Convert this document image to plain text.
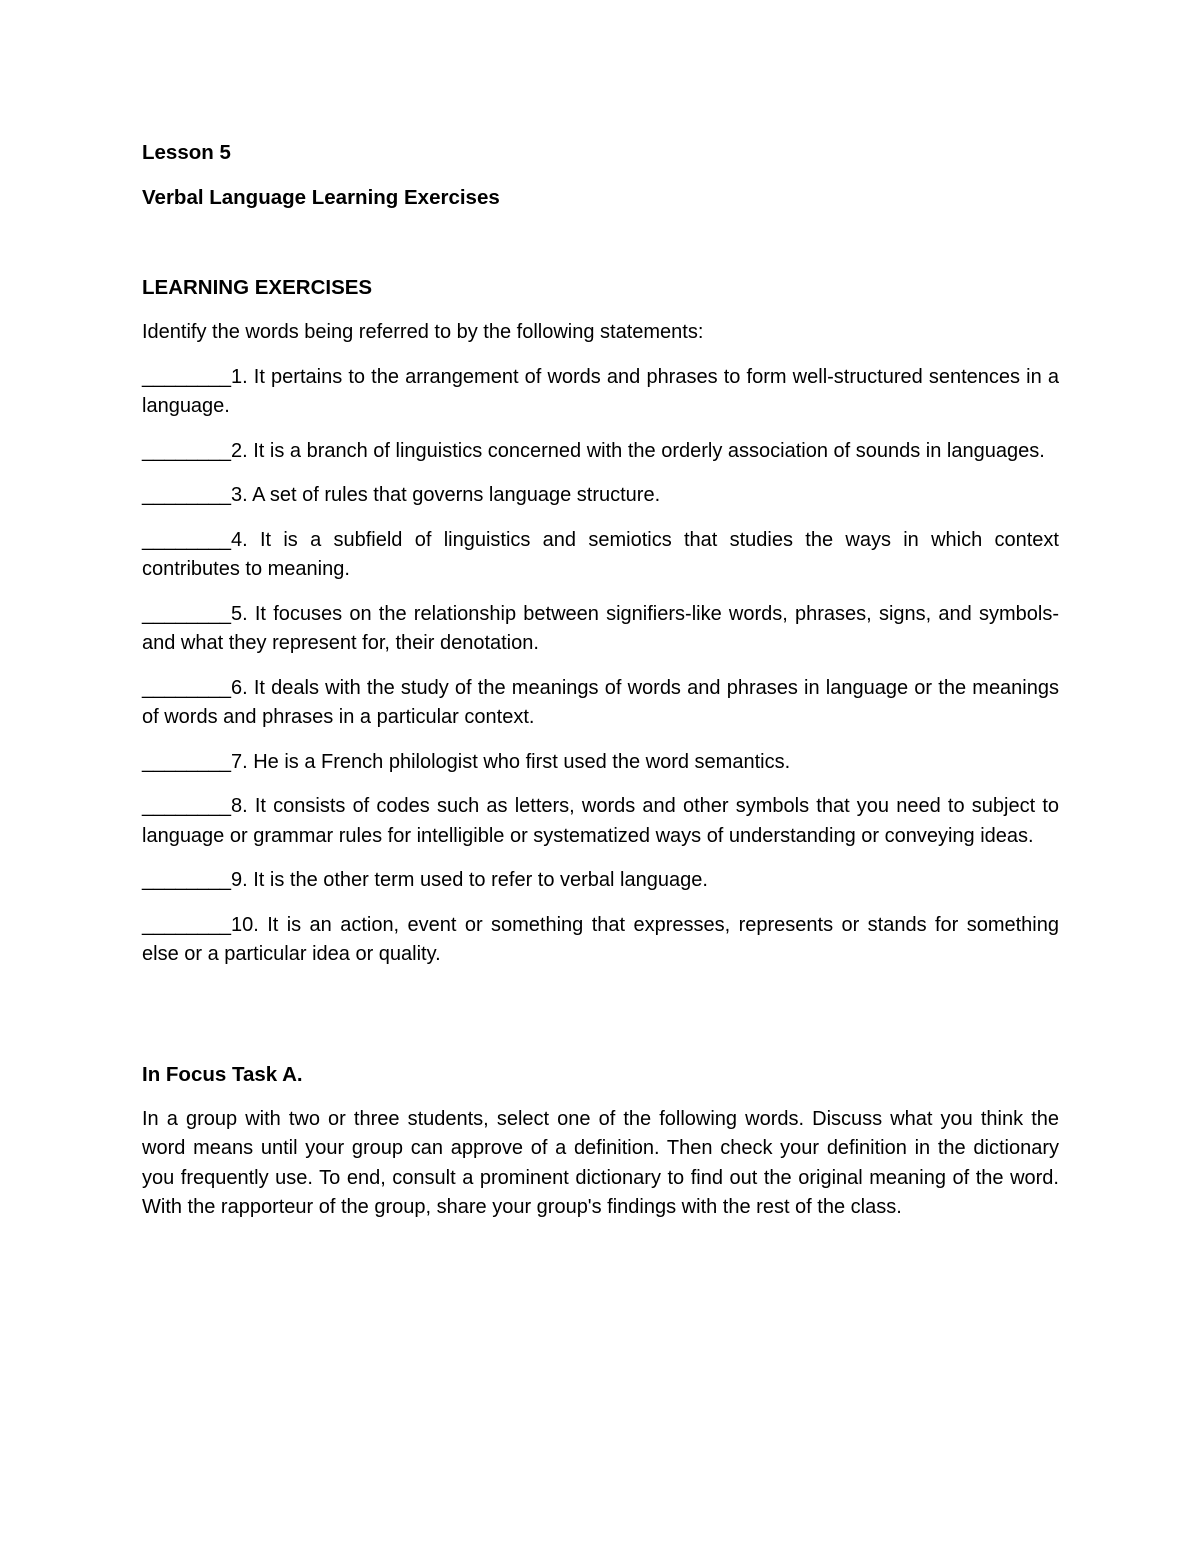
Lesson 5

Verbal Language Learning Exercises

LEARNING EXERCISES

Identify the words being referred to by the following statements:

________1. It pertains to the arrangement of words and phrases to form well-structured sentences in a language.

________2. It is a branch of linguistics concerned with the orderly association of sounds in languages.

________3. A set of rules that governs language structure.

________4. It is a subfield of linguistics and semiotics that studies the ways in which context contributes to meaning.

________5. It focuses on the relationship between signifiers-like words, phrases, signs, and symbols-and what they represent for, their denotation.

________6. It deals with the study of the meanings of words and phrases in language or the meanings of words and phrases in a particular context.

________7. He is a French philologist who first used the word semantics.

________8. It consists of codes such as letters, words and other symbols that you need to subject to language or grammar rules for intelligible or systematized ways of understanding or conveying ideas.

________9. It is the other term used to refer to verbal language.

________10. It is an action, event or something that expresses, represents or stands for something else or a particular idea or quality.

In Focus Task A.

In a group with two or three students, select one of the following words. Discuss what you think the word means until your group can approve of a definition. Then check your definition in the dictionary you frequently use. To end, consult a prominent dictionary to find out the original meaning of the word. With the rapporteur of the group, share your group's findings with the rest of the class.
